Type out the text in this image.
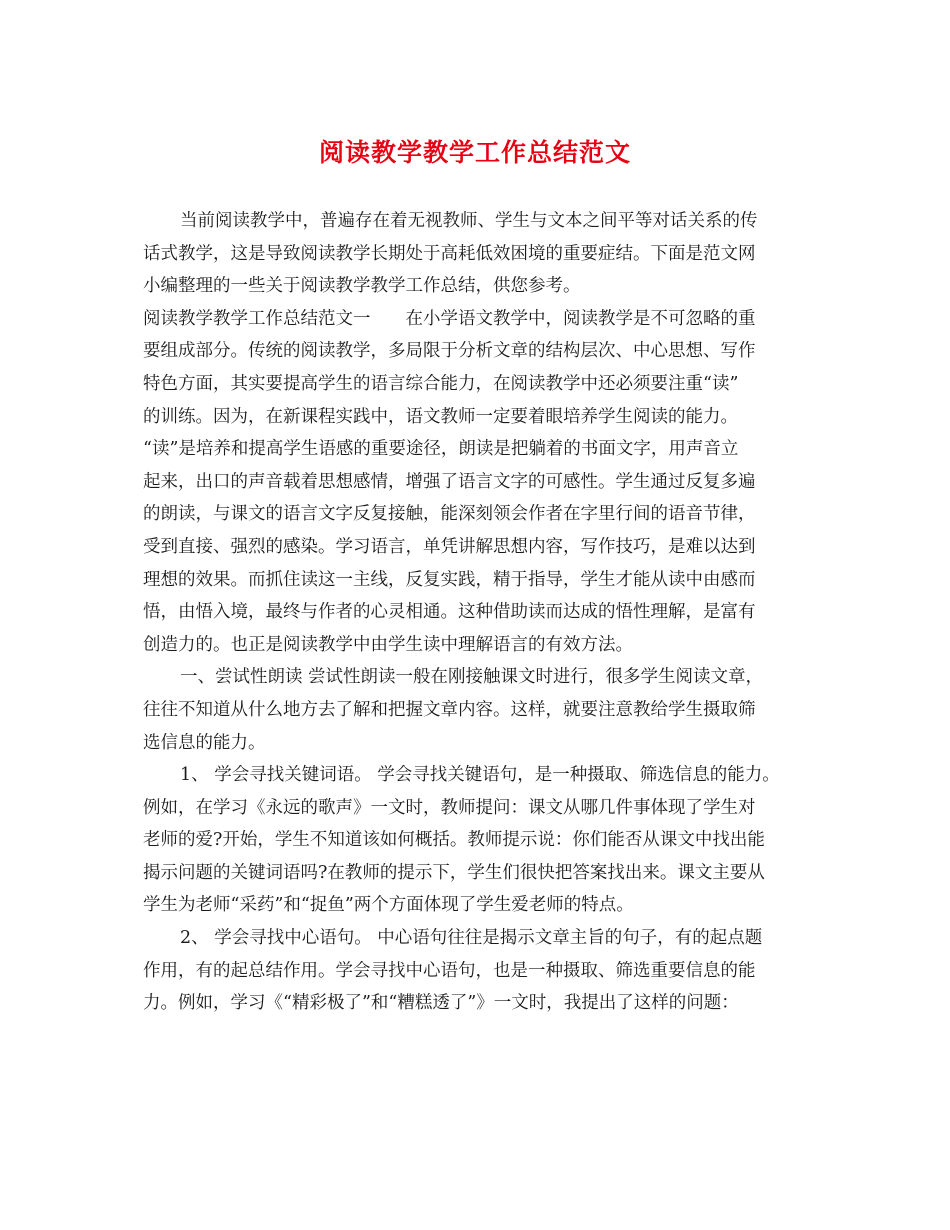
阅读教学教学工作总结范文

当前阅读教学中，普遍存在着无视教师、学生与文本之间平等对话关系的传

话式教学，这是导致阅读教学长期处于高耗低效困境的重要症结。下面是范文网

小编整理的一些关于阅读教学教学工作总结，供您参考。

阅读教学教学工作总结范文一　　在小学语文教学中，阅读教学是不可忽略的重

要组成部分。传统的阅读教学，多局限于分析文章的结构层次、中心思想、写作

特色方面，其实要提高学生的语言综合能力，在阅读教学中还必须要注重“读”

的训练。因为，在新课程实践中，语文教师一定要着眼培养学生阅读的能力。

“读”是培养和提高学生语感的重要途径，朗读是把躺着的书面文字，用声音立

起来，出口的声音载着思想感情，增强了语言文字的可感性。学生通过反复多遍

的朗读，与课文的语言文字反复接触，能深刻领会作者在字里行间的语音节律，

受到直接、强烈的感染。学习语言，单凭讲解思想内容，写作技巧，是难以达到

理想的效果。而抓住读这一主线，反复实践，精于指导，学生才能从读中由感而

悟，由悟入境，最终与作者的心灵相通。这种借助读而达成的悟性理解，是富有

创造力的。也正是阅读教学中由学生读中理解语言的有效方法。

一、尝试性朗读 尝试性朗读一般在刚接触课文时进行，很多学生阅读文章，

往往不知道从什么地方去了解和把握文章内容。这样，就要注意教给学生摄取筛

选信息的能力。

1、 学会寻找关键词语。 学会寻找关键语句，是一种摄取、筛选信息的能力。

例如，在学习《永远的歌声》一文时，教师提问：课文从哪几件事体现了学生对

老师的爱?开始，学生不知道该如何概括。教师提示说：你们能否从课文中找出能

揭示问题的关键词语吗?在教师的提示下，学生们很快把答案找出来。课文主要从

学生为老师“采药”和“捉鱼”两个方面体现了学生爱老师的特点。

2、 学会寻找中心语句。 中心语句往往是揭示文章主旨的句子，有的起点题

作用，有的起总结作用。学会寻找中心语句，也是一种摄取、筛选重要信息的能

力。例如，学习《“精彩极了”和“糟糕透了”》一文时，我提出了这样的问题：
